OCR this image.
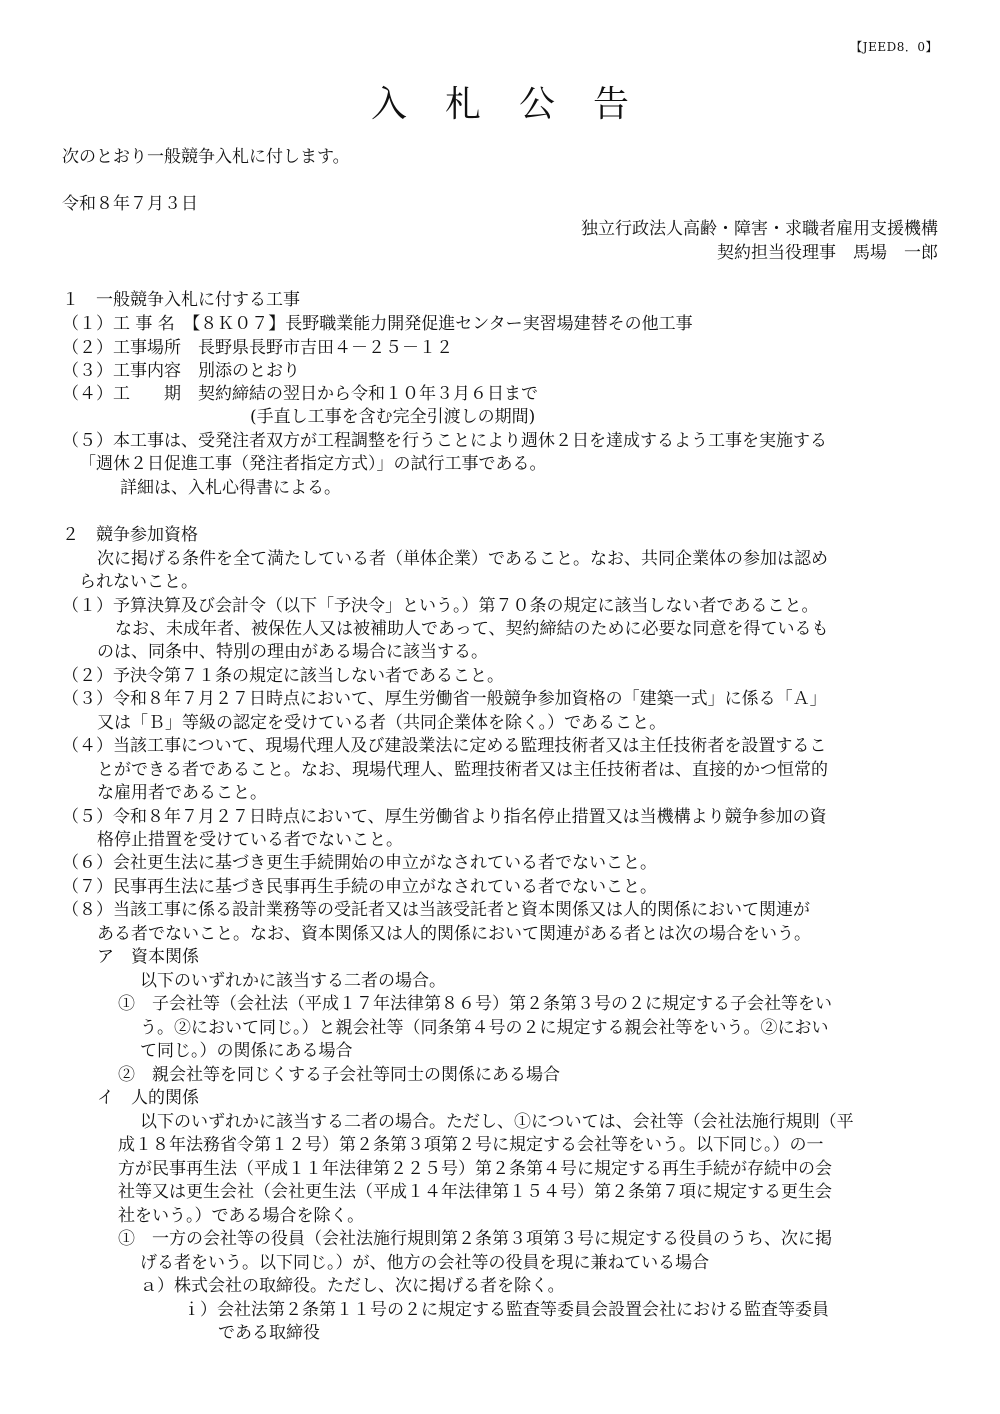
【JEED8．0】
入札公告

次のとおり一般競争入札に付します。

令和８年７月３日

独立行政法人高齢・障害・求職者雇用支援機構

契約担当役理事　馬場　一郎

１　一般競争入札に付する工事

（１）工 事 名　【８Ｋ０７】長野職業能力開発促進センター実習場建替その他工事

（２）工事場所　長野県長野市吉田４－２５－１２

（３）工事内容　別添のとおり

（４）工　　期　契約締結の翌日から令和１０年３月６日まで

(手直し工事を含む完全引渡しの期間)

（５）本工事は、受発注者双方が工程調整を行うことにより週休２日を達成するよう工事を実施する

「週休２日促進工事（発注者指定方式）」の試行工事である。

詳細は、入札心得書による。

２　競争参加資格

次に掲げる条件を全て満たしている者（単体企業）であること。なお、共同企業体の参加は認め

られないこと。

（１）予算決算及び会計令（以下「予決令」という。）第７０条の規定に該当しない者であること。

なお、未成年者、被保佐人又は被補助人であって、契約締結のために必要な同意を得ているも

のは、同条中、特別の理由がある場合に該当する。

（２）予決令第７１条の規定に該当しない者であること。

（３）令和８年７月２７日時点において、厚生労働省一般競争参加資格の「建築一式」に係る「Ａ」

又は「Ｂ」等級の認定を受けている者（共同企業体を除く。）であること。

（４）当該工事について、現場代理人及び建設業法に定める監理技術者又は主任技術者を設置するこ

とができる者であること。なお、現場代理人、監理技術者又は主任技術者は、直接的かつ恒常的

な雇用者であること。

（５）令和８年７月２７日時点において、厚生労働省より指名停止措置又は当機構より競争参加の資

格停止措置を受けている者でないこと。

（６）会社更生法に基づき更生手続開始の申立がなされている者でないこと。

（７）民事再生法に基づき民事再生手続の申立がなされている者でないこと。

（８）当該工事に係る設計業務等の受託者又は当該受託者と資本関係又は人的関係において関連が

ある者でないこと。なお、資本関係又は人的関係において関連がある者とは次の場合をいう。

ア　資本関係

以下のいずれかに該当する二者の場合。

①　子会社等（会社法（平成１７年法律第８６号）第２条第３号の２に規定する子会社等をい

う。②において同じ。）と親会社等（同条第４号の２に規定する親会社等をいう。②におい

て同じ。）の関係にある場合

②　親会社等を同じくする子会社等同士の関係にある場合

イ　人的関係

以下のいずれかに該当する二者の場合。ただし、①については、会社等（会社法施行規則（平

成１８年法務省令第１２号）第２条第３項第２号に規定する会社等をいう。以下同じ。）の一

方が民事再生法（平成１１年法律第２２５号）第２条第４号に規定する再生手続が存続中の会

社等又は更生会社（会社更生法（平成１４年法律第１５４号）第２条第７項に規定する更生会

社をいう。）である場合を除く。

①　一方の会社等の役員（会社法施行規則第２条第３項第３号に規定する役員のうち、次に掲

げる者をいう。以下同じ。）が、他方の会社等の役員を現に兼ねている場合

ａ）株式会社の取締役。ただし、次に掲げる者を除く。

ｉ）会社法第２条第１１号の２に規定する監査等委員会設置会社における監査等委員

である取締役
